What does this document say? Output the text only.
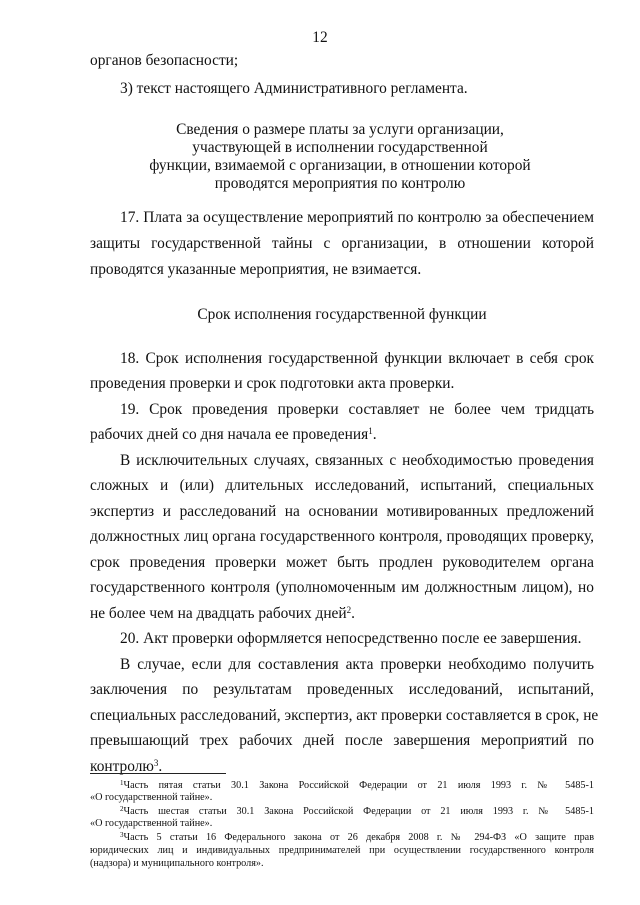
12
органов безопасности;
3) текст настоящего Административного регламента.
Сведения о размере платы за услуги организации,
участвующей в исполнении государственной
функции, взимаемой с организации, в отношении которой
проводятся мероприятия по контролю
17. Плата за осуществление мероприятий по контролю за обеспечением
защиты государственной тайны с организации, в отношении которой
проводятся указанные мероприятия, не взимается.
Срок исполнения государственной функции
18. Срок исполнения государственной функции включает в себя срок
проведения проверки и срок подготовки акта проверки.
19. Срок проведения проверки составляет не более чем тридцать
рабочих дней со дня начала ее проведения$^1$.
В исключительных случаях, связанных с необходимостью проведения
сложных и (или) длительных исследований, испытаний, специальных
экспертиз и расследований на основании мотивированных предложений
должностных лиц органа государственного контроля, проводящих проверку,
срок проведения проверки может быть продлен руководителем органа
государственного контроля (уполномоченным им должностным лицом), но
не более чем на двадцать рабочих дней$^2$.
20. Акт проверки оформляется непосредственно после ее завершения.
В случае, если для составления акта проверки необходимо получить
заключения по результатам проведенных исследований, испытаний,
специальных расследований, экспертиз, акт проверки составляется в срок, не
превышающий трех рабочих дней после завершения мероприятий по
контролю$^3$.
$^1$Часть пятая статьи 30.1 Закона Российской Федерации от 21 июля 1993 г. № 5485-1
«О государственной тайне».
$^2$Часть шестая статьи 30.1 Закона Российской Федерации от 21 июля 1993 г. № 5485-1
«О государственной тайне».
$^3$Часть 5 статьи 16 Федерального закона от 26 декабря 2008 г. № 294-ФЗ «О защите прав
юридических лиц и индивидуальных предпринимателей при осуществлении государственного контроля
(надзора) и муниципального контроля».
